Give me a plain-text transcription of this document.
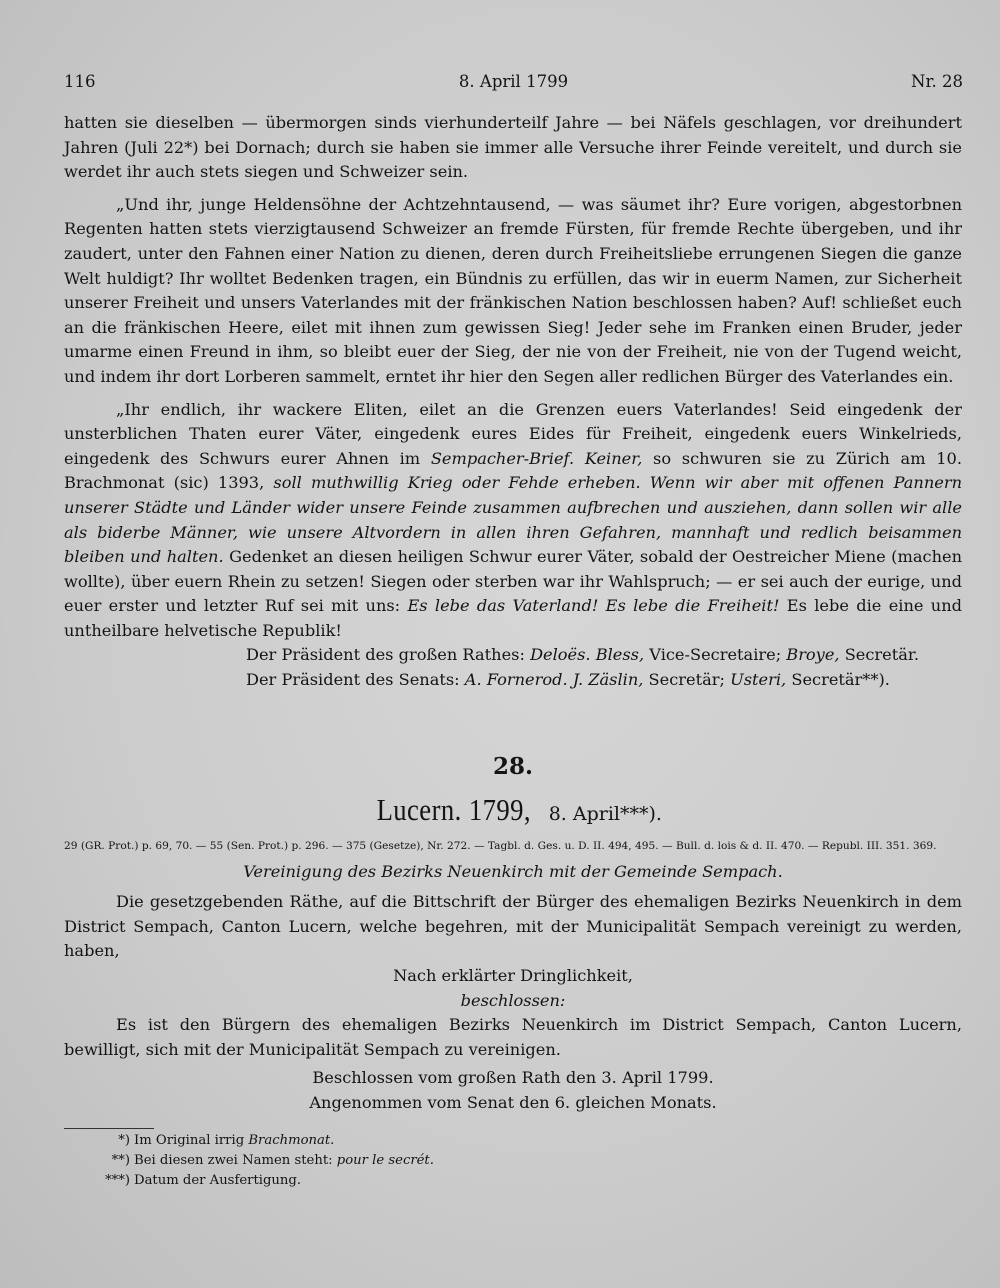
116	8. April 1799	Nr. 28

hatten sie dieselben — übermorgen sinds vierhunderteilf Jahre — bei Näfels geschlagen, vor dreihundert Jahren (Juli 22*) bei Dornach; durch sie haben sie immer alle Versuche ihrer Feinde vereitelt, und durch sie werdet ihr auch stets siegen und Schweizer sein.

„Und ihr, junge Heldensöhne der Achtzehntausend, — was säumet ihr? Eure vorigen, abgestorbnen Regenten hatten stets vierzigtausend Schweizer an fremde Fürsten, für fremde Rechte übergeben, und ihr zaudert, unter den Fahnen einer Nation zu dienen, deren durch Freiheitsliebe errungenen Siegen die ganze Welt huldigt? Ihr wolltet Bedenken tragen, ein Bündnis zu erfüllen, das wir in euerm Namen, zur Sicherheit unserer Freiheit und unsers Vaterlandes mit der fränkischen Nation beschlossen haben? Auf! schließet euch an die fränkischen Heere, eilet mit ihnen zum gewissen Sieg! Jeder sehe im Franken einen Bruder, jeder umarme einen Freund in ihm, so bleibt euer der Sieg, der nie von der Freiheit, nie von der Tugend weicht, und indem ihr dort Lorberen sammelt, erntet ihr hier den Segen aller redlichen Bürger des Vaterlandes ein.

„Ihr endlich, ihr wackere Eliten, eilet an die Grenzen euers Vaterlandes! Seid eingedenk der unsterblichen Thaten eurer Väter, eingedenk eures Eides für Freiheit, eingedenk euers Winkelrieds, eingedenk des Schwurs eurer Ahnen im Sempacher-Brief. Keiner, so schwuren sie zu Zürich am 10. Brachmonat (sic) 1393, soll muthwillig Krieg oder Fehde erheben. Wenn wir aber mit offenen Pannern unserer Städte und Länder wider unsere Feinde zusammen aufbrechen und ausziehen, dann sollen wir alle als biderbe Männer, wie unsere Altvordern in allen ihren Gefahren, mannhaft und redlich beisammen bleiben und halten. Gedenket an diesen heiligen Schwur eurer Väter, sobald der Oestreicher Miene (machen wollte), über euern Rhein zu setzen! Siegen oder sterben war ihr Wahlspruch; — er sei auch der eurige, und euer erster und letzter Ruf sei mit uns: Es lebe das Vaterland! Es lebe die Freiheit! Es lebe die eine und untheilbare helvetische Republik!

Der Präsident des großen Rathes: Deloës. Bless, Vice-Secretaire; Broye, Secretär.

Der Präsident des Senats: A. Fornerod. J. Zäslin, Secretär; Usteri, Secretär**).

28.
Lucern. 1799, 8. April***).
29 (GR. Prot.) p. 69, 70. — 55 (Sen. Prot.) p. 296. — 375 (Gesetze), Nr. 272. — Tagbl. d. Ges. u. D. II. 494, 495. — Bull. d. lois & d. II. 470. — Republ. III. 351. 369.
Vereinigung des Bezirks Neuenkirch mit der Gemeinde Sempach.

Die gesetzgebenden Räthe, auf die Bittschrift der Bürger des ehemaligen Bezirks Neuenkirch in dem District Sempach, Canton Lucern, welche begehren, mit der Municipalität Sempach vereinigt zu werden, haben,

Nach erklärter Dringlichkeit,

beschlossen:

Es ist den Bürgern des ehemaligen Bezirks Neuenkirch im District Sempach, Canton Lucern, bewilligt, sich mit der Municipalität Sempach zu vereinigen.

Beschlossen vom großen Rath den 3. April 1799.

Angenommen vom Senat den 6. gleichen Monats.

*) Im Original irrig Brachmonat.
**) Bei diesen zwei Namen steht: pour le secrét.
***) Datum der Ausfertigung.
